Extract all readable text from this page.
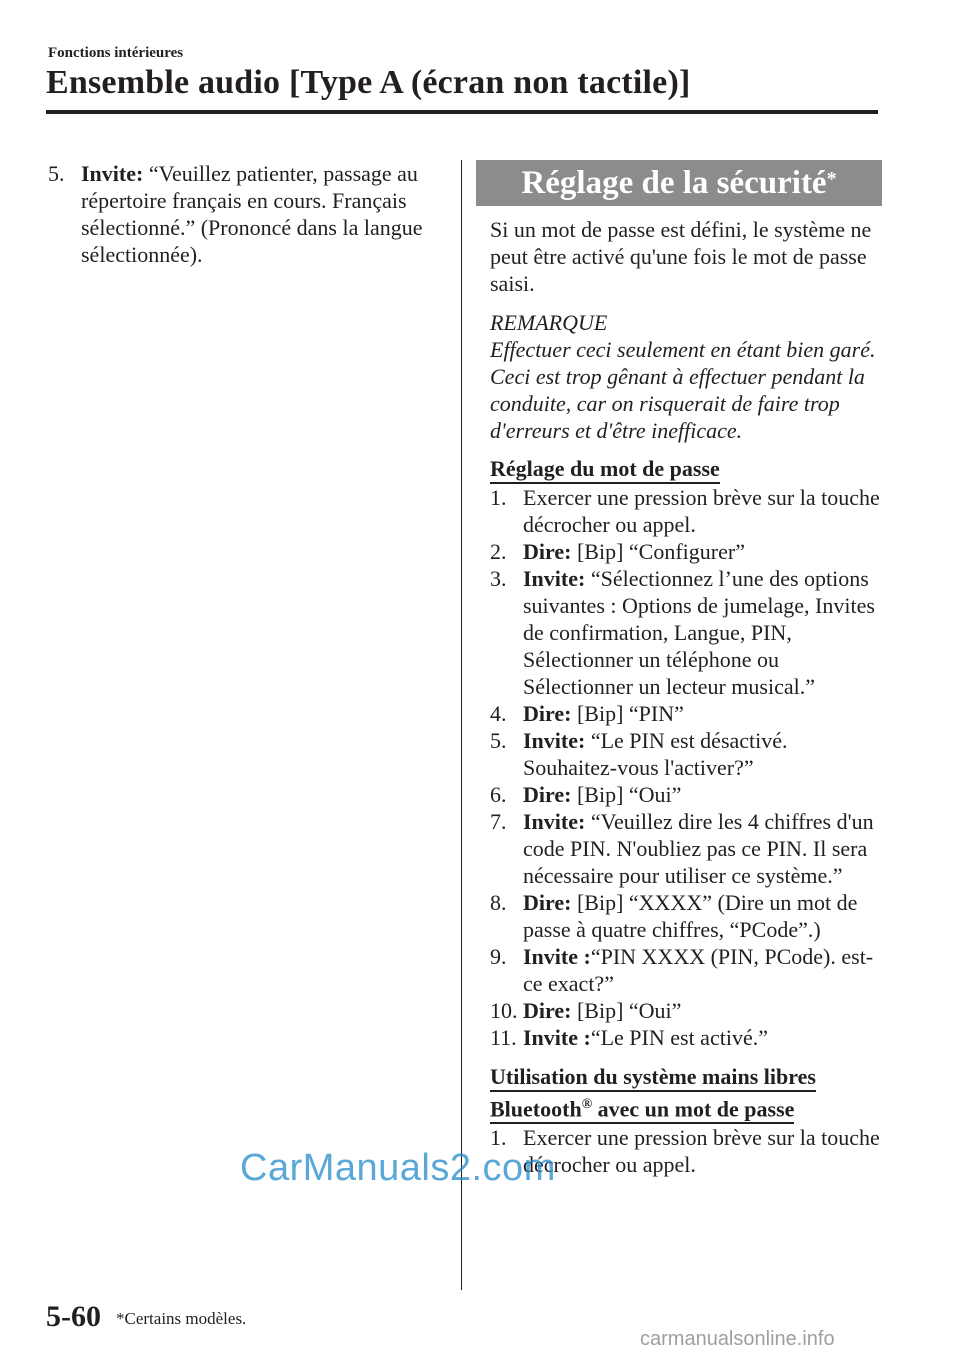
Fonctions intérieures
Ensemble audio [Type A (écran non tactile)]
5. Invite: “Veuillez patienter, passage au répertoire français en cours. Français sélectionné.” (Prononcé dans la langue sélectionnée).
Réglage de la sécurité*

Si un mot de passe est défini, le système ne peut être activé qu'une fois le mot de passe saisi.

REMARQUE
Effectuer ceci seulement en étant bien garé. Ceci est trop gênant à effectuer pendant la conduite, car on risquerait de faire trop d'erreurs et d'être inefficace.
Réglage du mot de passe
1. Exercer une pression brève sur la touche décrocher ou appel.
2. Dire: [Bip] “Configurer”
3. Invite: “Sélectionnez l’une des options suivantes : Options de jumelage, Invites de confirmation, Langue, PIN, Sélectionner un téléphone ou Sélectionner un lecteur musical.”
4. Dire: [Bip] “PIN”
5. Invite: “Le PIN est désactivé. Souhaitez-vous l'activer?”
6. Dire: [Bip] “Oui”
7. Invite: “Veuillez dire les 4 chiffres d'un code PIN. N'oubliez pas ce PIN. Il sera nécessaire pour utiliser ce système.”
8. Dire: [Bip] “XXXX” (Dire un mot de passe à quatre chiffres, “PCode”.)
9. Invite :“PIN XXXX (PIN, PCode). est-ce exact?”
10. Dire: [Bip] “Oui”
11. Invite :“Le PIN est activé.”
Utilisation du système mains libres
Bluetooth® avec un mot de passe
1. Exercer une pression brève sur la touche décrocher ou appel.
5-60 *Certains modèles.
CarManuals2.com
carmanualsonline.info
